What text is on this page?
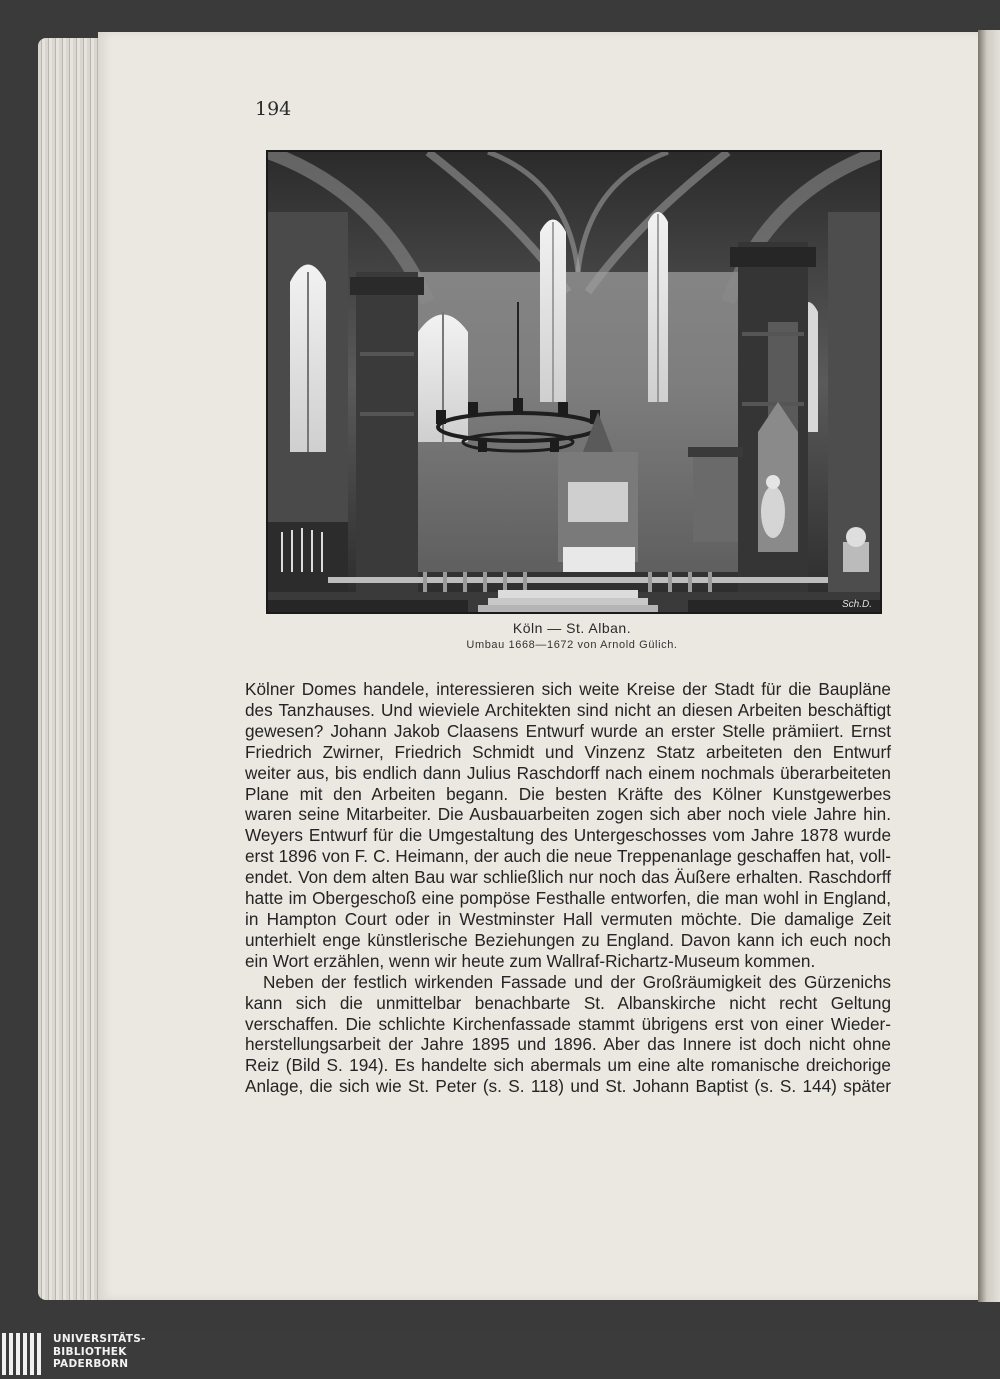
194
Sch.D.
Köln — St. Alban.
Umbau 1668—1672 von Arnold Gülich.
Kölner Domes handele, interessieren sich weite Kreise der Stadt für die Baupläne
des Tanzhauses. Und wieviele Architekten sind nicht an diesen Arbeiten beschäftigt
gewesen? Johann Jakob Claasens Entwurf wurde an erster Stelle prämiiert. Ernst
Friedrich Zwirner, Friedrich Schmidt und Vinzenz Statz arbeiteten den Entwurf
weiter aus, bis endlich dann Julius Raschdorff nach einem nochmals überarbeiteten
Plane mit den Arbeiten begann. Die besten Kräfte des Kölner Kunstgewerbes
waren seine Mitarbeiter. Die Ausbauarbeiten zogen sich aber noch viele Jahre hin.
Weyers Entwurf für die Umgestaltung des Untergeschosses vom Jahre 1878 wurde
erst 1896 von F. C. Heimann, der auch die neue Treppenanlage geschaffen hat, voll-
endet. Von dem alten Bau war schließlich nur noch das Äußere erhalten. Raschdorff
hatte im Obergeschoß eine pompöse Festhalle entworfen, die man wohl in England,
in Hampton Court oder in Westminster Hall vermuten möchte. Die damalige Zeit
unterhielt enge künstlerische Beziehungen zu England. Davon kann ich euch noch
ein Wort erzählen, wenn wir heute zum Wallraf-Richartz-Museum kommen.
Neben der festlich wirkenden Fassade und der Großräumigkeit des Gürzenichs
kann sich die unmittelbar benachbarte St. Albanskirche nicht recht Geltung
verschaffen. Die schlichte Kirchenfassade stammt übrigens erst von einer Wieder-
herstellungsarbeit der Jahre 1895 und 1896. Aber das Innere ist doch nicht ohne
Reiz (Bild S. 194). Es handelte sich abermals um eine alte romanische dreichorige
Anlage, die sich wie St. Peter (s. S. 118) und St. Johann Baptist (s. S. 144) später
UNIVERSITÄTS-
BIBLIOTHEK
PADERBORN
